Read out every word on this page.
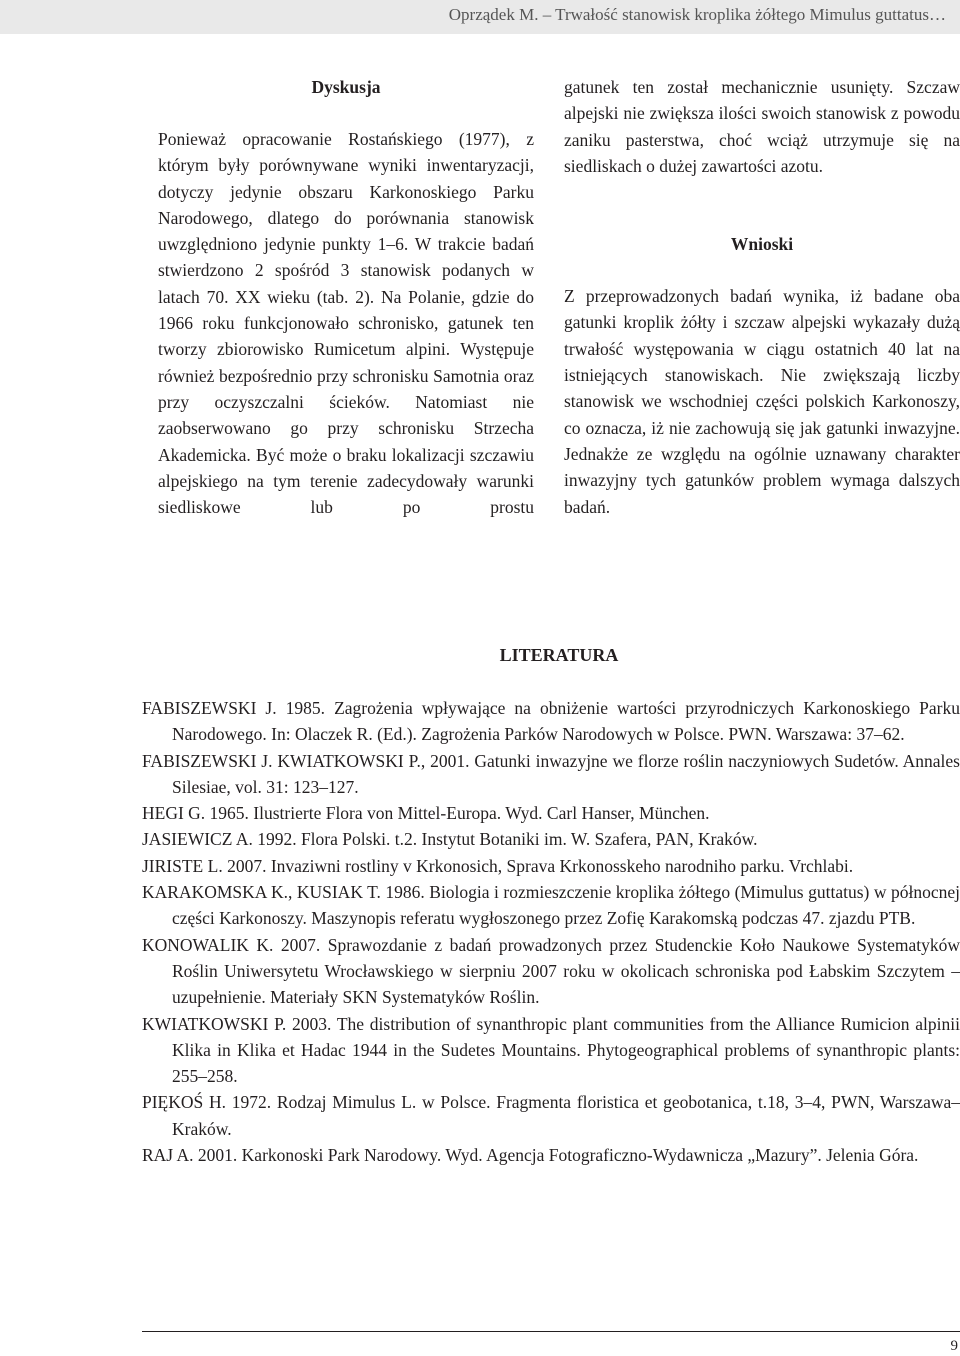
Oprządek M. – Trwałość stanowisk kroplika żółtego Mimulus guttatus…
Dyskusja

Ponieważ opracowanie Rostańskiego (1977), z którym były porównywane wyniki inwentaryzacji, dotyczy jedynie obszaru Karkonoskiego Parku Narodowego, dlatego do porównania stanowisk uwzględniono jedynie punkty 1‒6. W trakcie badań stwierdzono 2 spośród 3 stanowisk podanych w latach 70. XX wieku (tab. 2). Na Polanie, gdzie do 1966 roku funkcjonowało schronisko, gatunek ten tworzy zbiorowisko Rumicetum alpini. Występuje również bezpośrednio przy schronisku Samotnia oraz przy oczyszczalni ścieków. Natomiast nie zaobserwowano go przy schronisku Strzecha Akademicka. Być może o braku lokalizacji szczawiu alpejskiego na tym terenie zadecydowały warunki siedliskowe lub po prostu

gatunek ten został mechanicznie usunięty. Szczaw alpejski nie zwiększa ilości swoich stanowisk z powodu zaniku pasterstwa, choć wciąż utrzymuje się na siedliskach o dużej zawartości azotu.

Wnioski

Z przeprowadzonych badań wynika, iż badane oba gatunki kroplik żółty i szczaw alpejski wykazały dużą trwałość występowania w ciągu ostatnich 40 lat na istniejących stanowiskach. Nie zwiększają liczby stanowisk we wschodniej części polskich Karkonoszy, co oznacza, iż nie zachowują się jak gatunki inwazyjne. Jednakże ze względu na ogólnie uznawany charakter inwazyjny tych gatunków problem wymaga dalszych badań.

LITERATURA

FABISZEWSKI J. 1985. Zagrożenia wpływające na obniżenie wartości przyrodniczych Karkonoskiego Parku Narodowego. In: Olaczek R. (Ed.). Zagrożenia Parków Narodowych w Polsce. PWN. Warszawa: 37‒62.

FABISZEWSKI J. KWIATKOWSKI P., 2001. Gatunki inwazyjne we florze roślin naczyniowych Sudetów. Annales Silesiae, vol. 31: 123‒127.

HEGI G. 1965. Ilustrierte Flora von Mittel-Europa. Wyd. Carl Hanser, München.

JASIEWICZ A. 1992. Flora Polski. t.2. Instytut Botaniki im. W. Szafera, PAN, Kraków.

JIRISTE L. 2007. Invaziwni rostliny v Krkonosich, Sprava Krkonosskeho narodniho parku. Vrchlabi.

KARAKOMSKA K., KUSIAK T. 1986. Biologia i rozmieszczenie kroplika żółtego (Mimulus guttatus) w północnej części Karkonoszy. Maszynopis referatu wygłoszonego przez Zofię Karakomską podczas 47. zjazdu PTB.

KONOWALIK K. 2007. Sprawozdanie z badań prowadzonych przez Studenckie Koło Naukowe Systematyków Roślin Uniwersytetu Wrocławskiego w sierpniu 2007 roku w okolicach schroniska pod Łabskim Szczytem ‒ uzupełnienie. Materiały SKN Systematyków Roślin.

KWIATKOWSKI P. 2003. The distribution of synanthropic plant communities from the Alliance Rumicion alpinii Klika in Klika et Hadac 1944 in the Sudetes Mountains. Phytogeographical problems of synanthropic plants: 255‒258.

PIĘKOŚ H. 1972. Rodzaj Mimulus L. w Polsce. Fragmenta floristica et geobotanica, t.18, 3‒4, PWN, Warszawa‒Kraków.

RAJ A. 2001. Karkonoski Park Narodowy. Wyd. Agencja Fotograficzno-Wydawnicza „Mazury”. Jelenia Góra.

9
